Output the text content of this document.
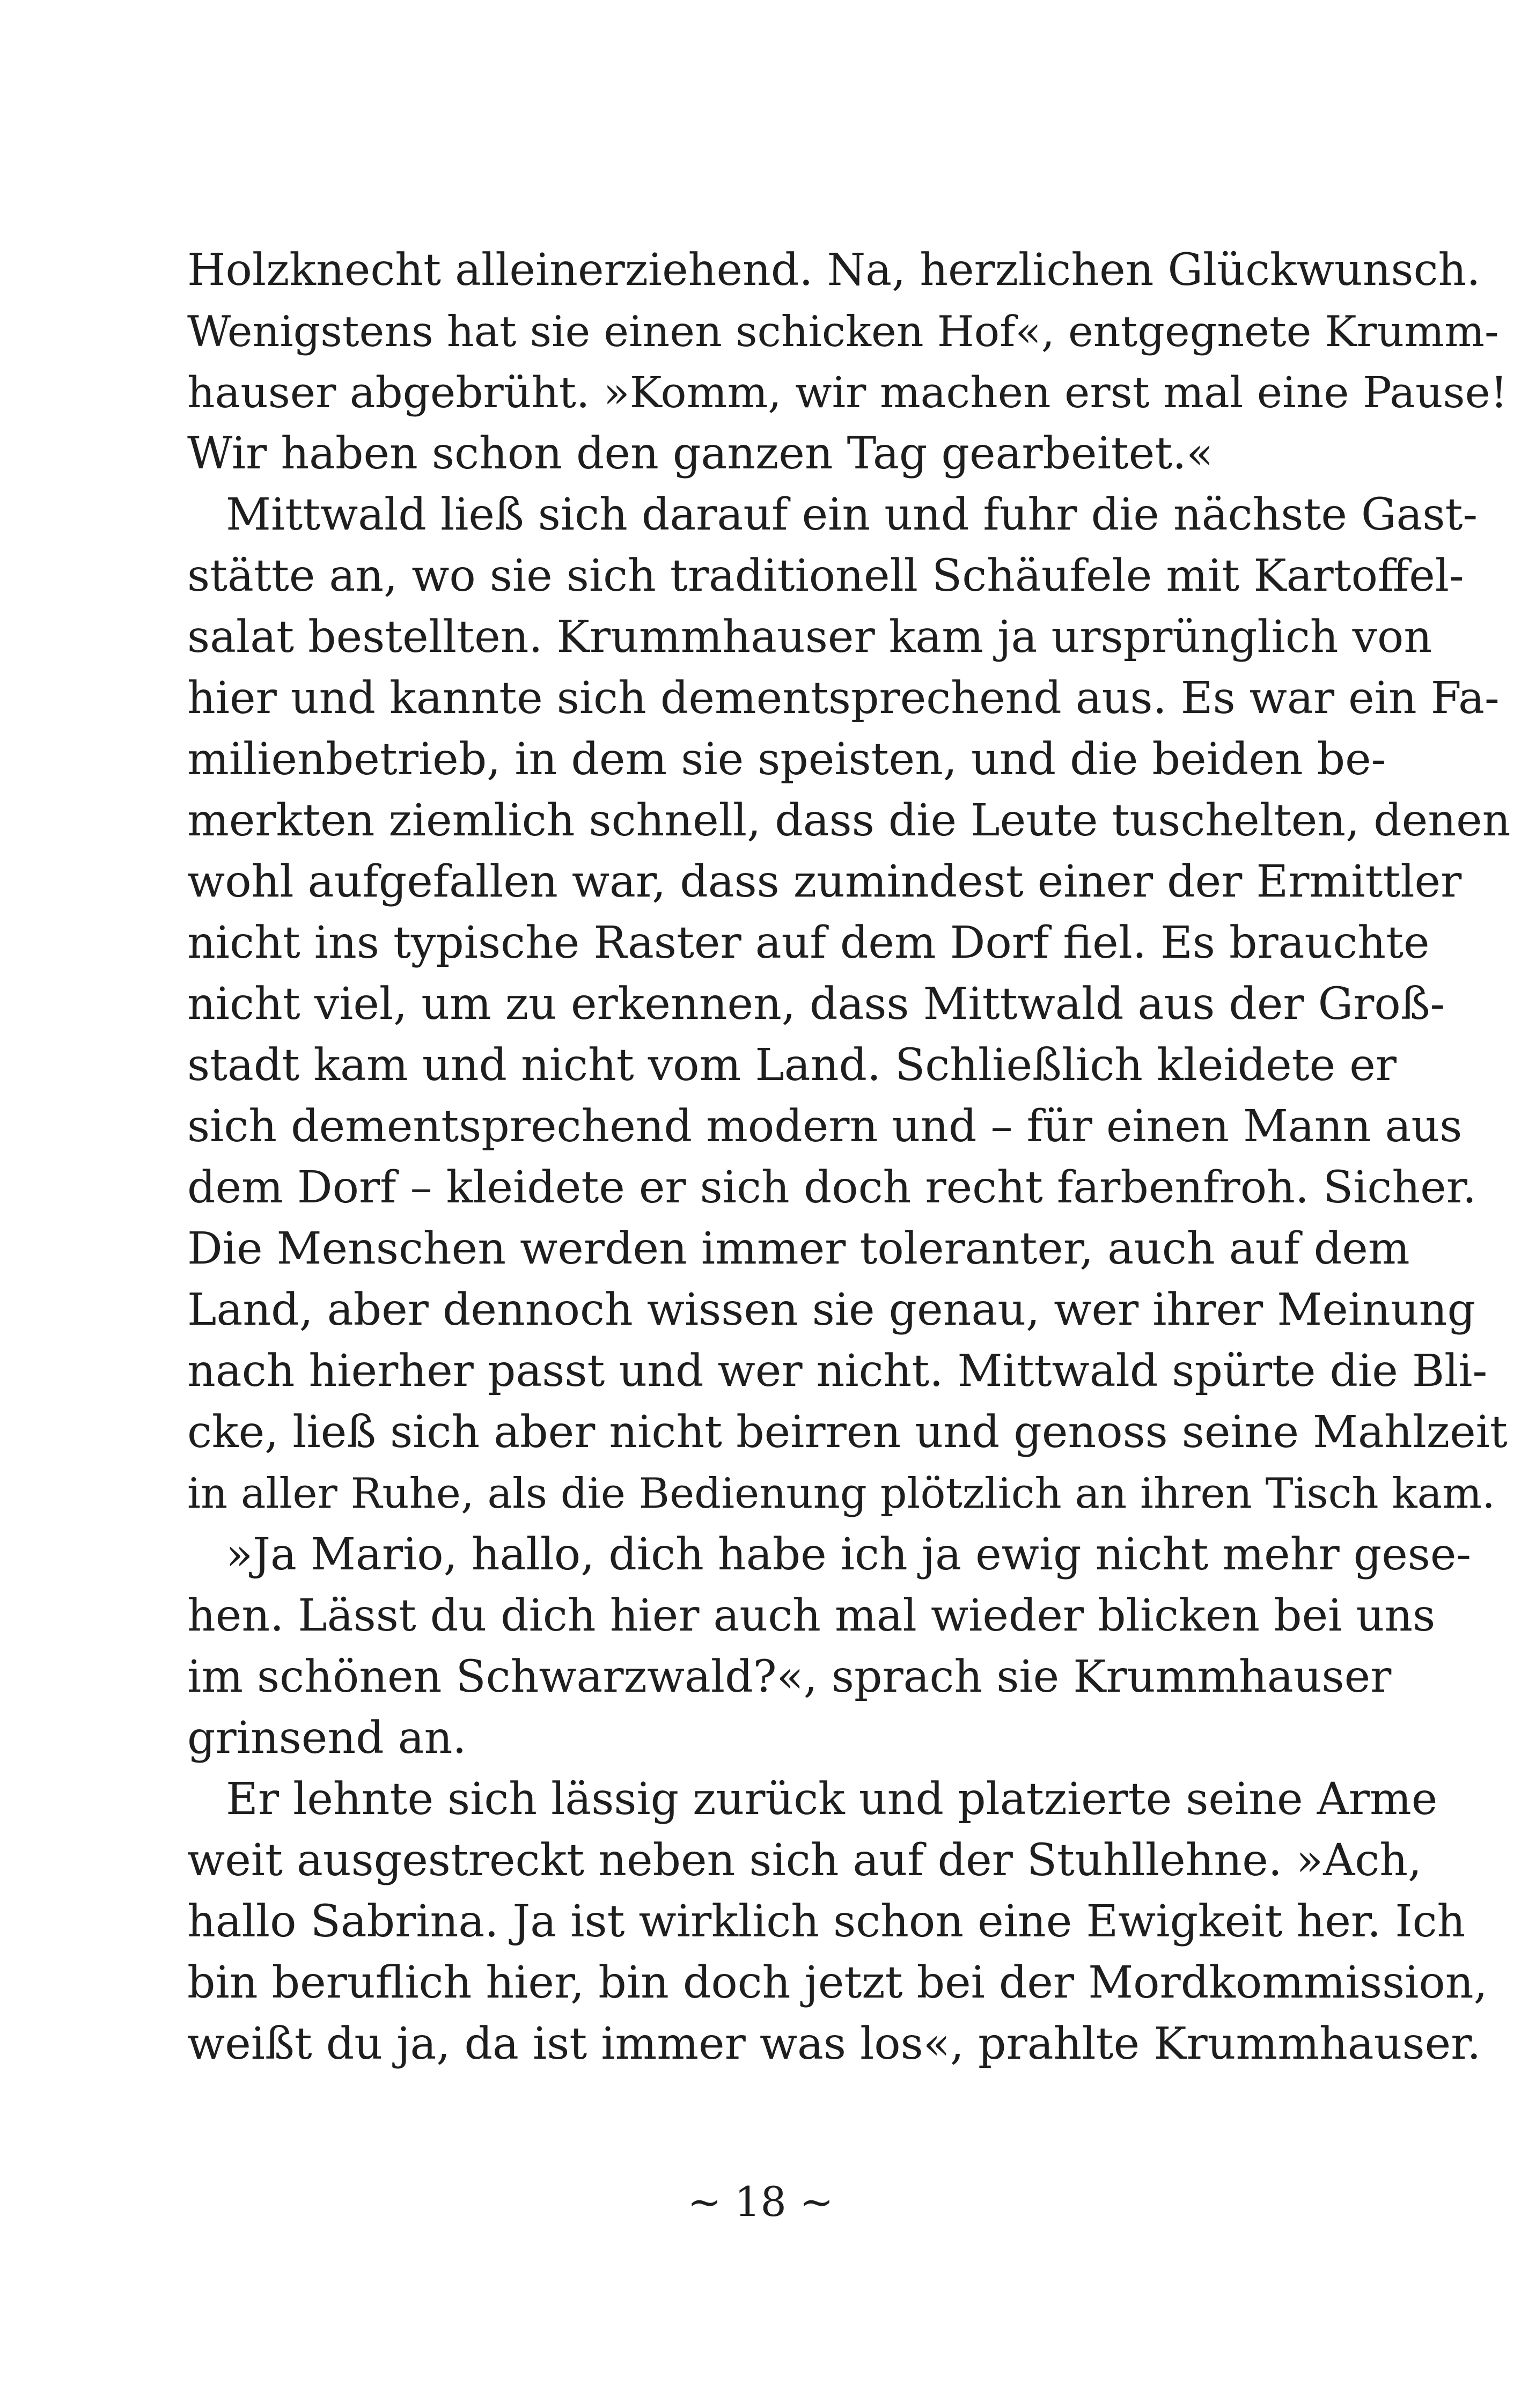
Holzknecht alleinerziehend. Na, herzlichen Glückwunsch.
Wenigstens hat sie einen schicken Hof«, entgegnete Krumm-
hauser abgebrüht. »Komm, wir machen erst mal eine Pause!
Wir haben schon den ganzen Tag gearbeitet.«
Mittwald ließ sich darauf ein und fuhr die nächste Gast-
stätte an, wo sie sich traditionell Schäufele mit Kartoffel-
salat bestellten. Krummhauser kam ja ursprünglich von
hier und kannte sich dementsprechend aus. Es war ein Fa-
milienbetrieb, in dem sie speisten, und die beiden be-
merkten ziemlich schnell, dass die Leute tuschelten, denen
wohl aufgefallen war, dass zumindest einer der Ermittler
nicht ins typische Raster auf dem Dorf fiel. Es brauchte
nicht viel, um zu erkennen, dass Mittwald aus der Groß-
stadt kam und nicht vom Land. Schließlich kleidete er
sich dementsprechend modern und – für einen Mann aus
dem Dorf – kleidete er sich doch recht farbenfroh. Sicher.
Die Menschen werden immer toleranter, auch auf dem
Land, aber dennoch wissen sie genau, wer ihrer Meinung
nach hierher passt und wer nicht. Mittwald spürte die Bli-
cke, ließ sich aber nicht beirren und genoss seine Mahlzeit
in aller Ruhe, als die Bedienung plötzlich an ihren Tisch kam.
»Ja Mario, hallo, dich habe ich ja ewig nicht mehr gese-
hen. Lässt du dich hier auch mal wieder blicken bei uns
im schönen Schwarzwald?«, sprach sie Krummhauser
grinsend an.
Er lehnte sich lässig zurück und platzierte seine Arme
weit ausgestreckt neben sich auf der Stuhllehne. »Ach,
hallo Sabrina. Ja ist wirklich schon eine Ewigkeit her. Ich
bin beruflich hier, bin doch jetzt bei der Mordkommission,
weißt du ja, da ist immer was los«, prahlte Krummhauser.
~ 18 ~
